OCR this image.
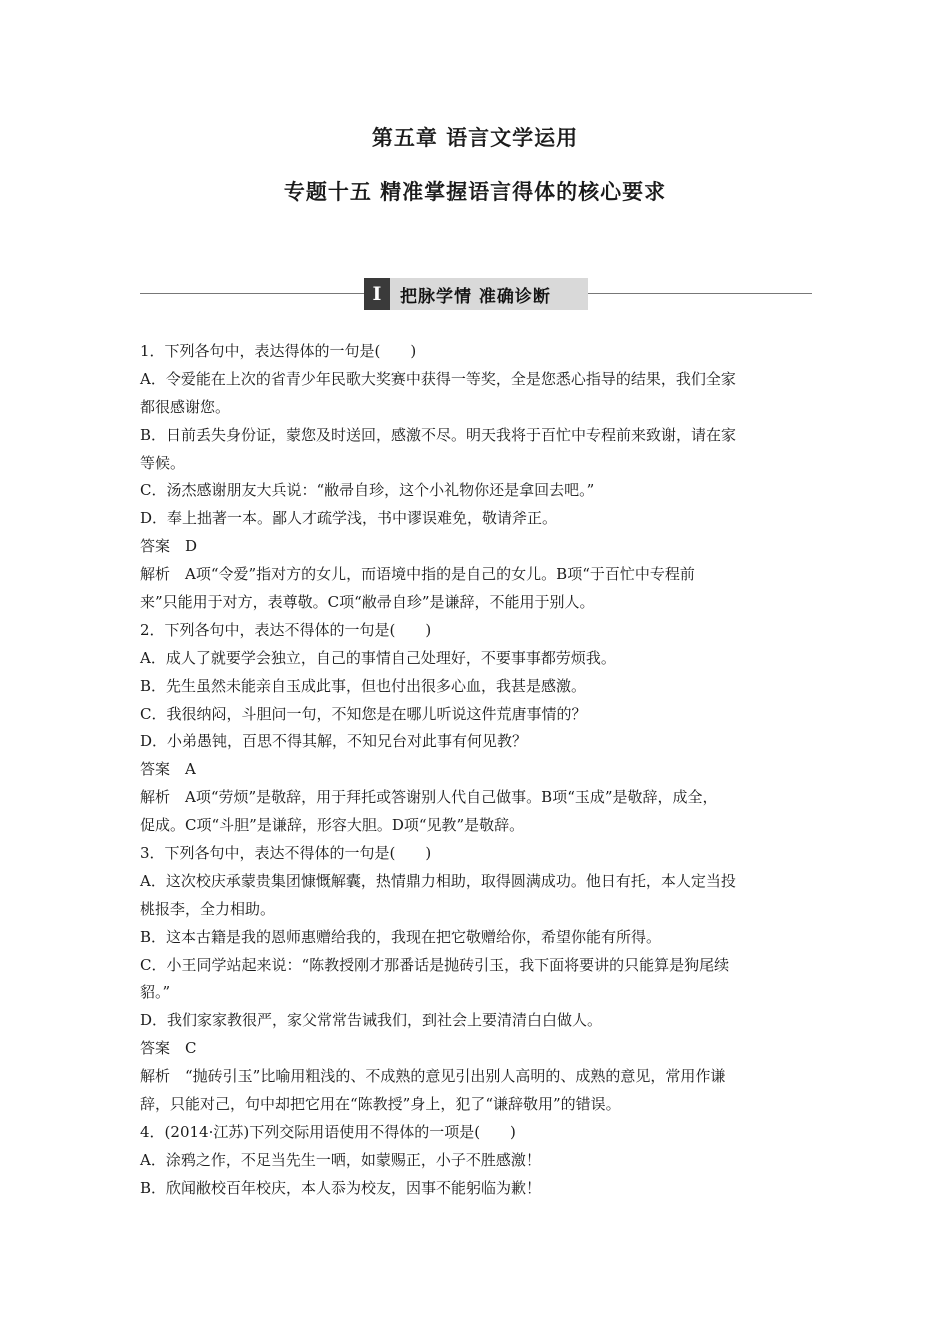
第五章 语言文学运用
专题十五 精准掌握语言得体的核心要求
I	把脉学情 准确诊断
1．下列各句中，表达得体的一句是(　　)
A．令爱能在上次的省青少年民歌大奖赛中获得一等奖，全是您悉心指导的结果，我们全家
都很感谢您。
B．日前丢失身份证，蒙您及时送回，感激不尽。明天我将于百忙中专程前来致谢，请在家
等候。
C．汤杰感谢朋友大兵说：“敝帚自珍，这个小礼物你还是拿回去吧。”
D．奉上拙著一本。鄙人才疏学浅，书中谬误难免，敬请斧正。
答案　D
解析　A项“令爱”指对方的女儿，而语境中指的是自己的女儿。B项“于百忙中专程前
来”只能用于对方，表尊敬。C项“敝帚自珍”是谦辞，不能用于别人。
2．下列各句中，表达不得体的一句是(　　)
A．成人了就要学会独立，自己的事情自己处理好，不要事事都劳烦我。
B．先生虽然未能亲自玉成此事，但也付出很多心血，我甚是感激。
C．我很纳闷，斗胆问一句，不知您是在哪儿听说这件荒唐事情的？
D．小弟愚钝，百思不得其解，不知兄台对此事有何见教？
答案　A
解析　A项“劳烦”是敬辞，用于拜托或答谢别人代自己做事。B项“玉成”是敬辞，成全，
促成。C项“斗胆”是谦辞，形容大胆。D项“见教”是敬辞。
3．下列各句中，表达不得体的一句是(　　)
A．这次校庆承蒙贵集团慷慨解囊，热情鼎力相助，取得圆满成功。他日有托，本人定当投
桃报李，全力相助。
B．这本古籍是我的恩师惠赠给我的，我现在把它敬赠给你，希望你能有所得。
C．小王同学站起来说：“陈教授刚才那番话是抛砖引玉，我下面将要讲的只能算是狗尾续
貂。”
D．我们家家教很严，家父常常告诫我们，到社会上要清清白白做人。
答案　C
解析　“抛砖引玉”比喻用粗浅的、不成熟的意见引出别人高明的、成熟的意见，常用作谦
辞，只能对己，句中却把它用在“陈教授”身上，犯了“谦辞敬用”的错误。
4．(2014·江苏)下列交际用语使用不得体的一项是(　　)
A．涂鸦之作，不足当先生一哂，如蒙赐正，小子不胜感激！
B．欣闻敝校百年校庆，本人忝为校友，因事不能躬临为歉！
